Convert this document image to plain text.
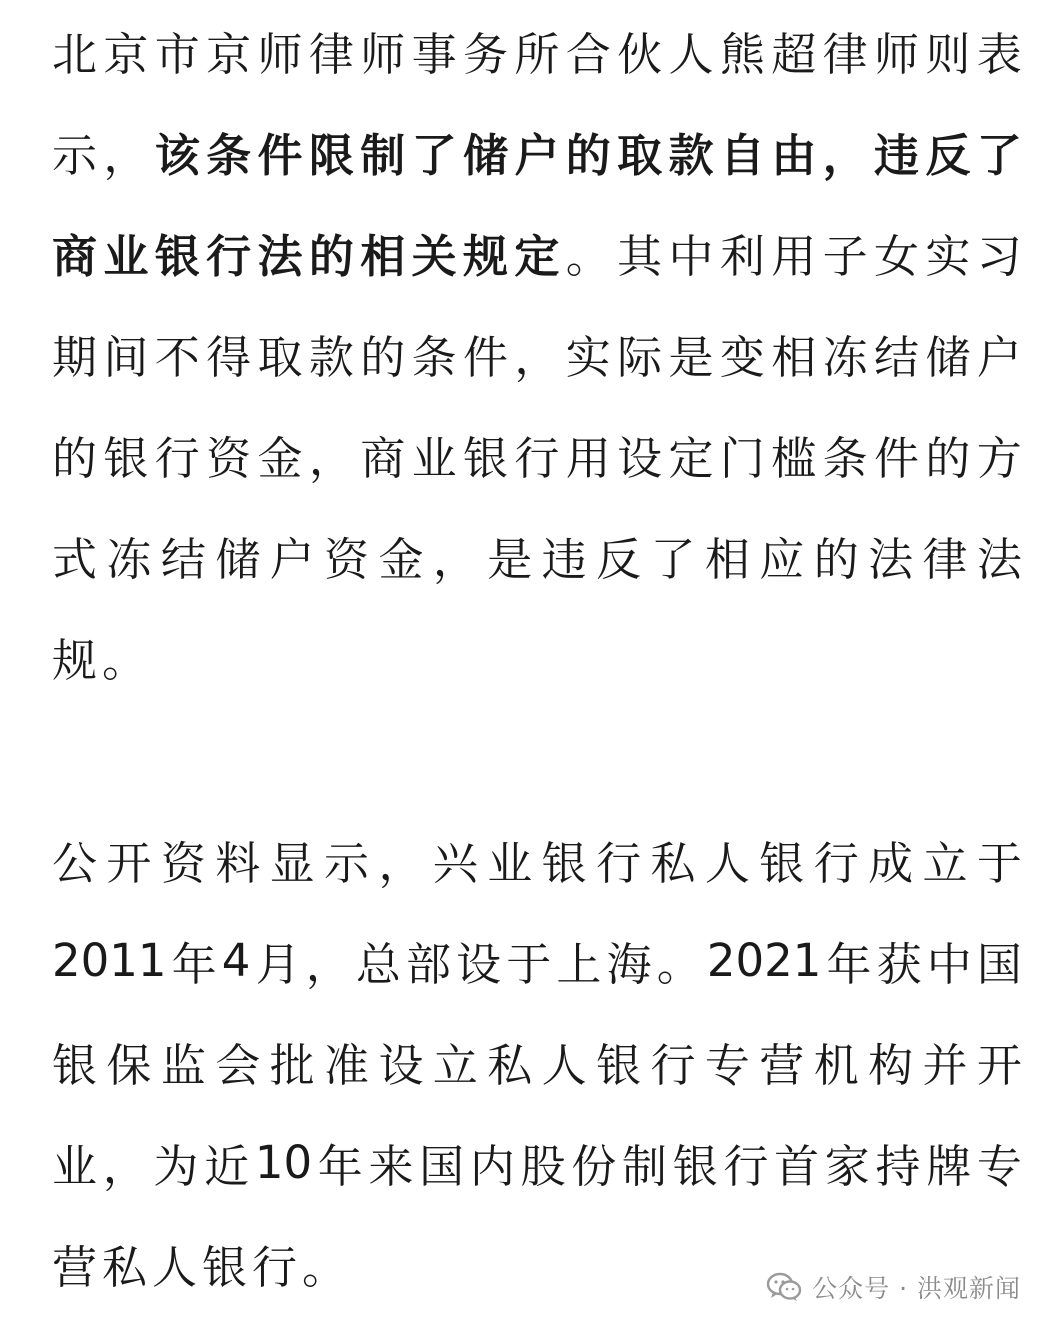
北 京 市 京 师 律 师 事 务 所 合 伙 人 熊 超 律 师 则 表
示 ， 该 条 件 限 制 了 储 户 的 取 款 自 由 ， 违 反 了
商 业 银 行 法 的 相 关 规 定 。 其 中 利 用 子 女 实 习
期 间 不 得 取 款 的 条 件 ， 实 际 是 变 相 冻 结 储 户
的 银 行 资 金 ， 商 业 银 行 用 设 定 门 槛 条 件 的 方
式 冻 结 储 户 资 金 ， 是 违 反 了 相 应 的 法 律 法
规。
公 开 资 料 显 示 ， 兴 业 银 行 私 人 银 行 成 立 于
2011 年 4 月 ， 总 部 设 于 上 海 。 2021 年 获 中 国
银 保 监 会 批 准 设 立 私 人 银 行 专 营 机 构 并 开
业 ， 为 近 10 年 来 国 内 股 份 制 银 行 首 家 持 牌 专
营私人银行。	公众号 · 洪观新闻
